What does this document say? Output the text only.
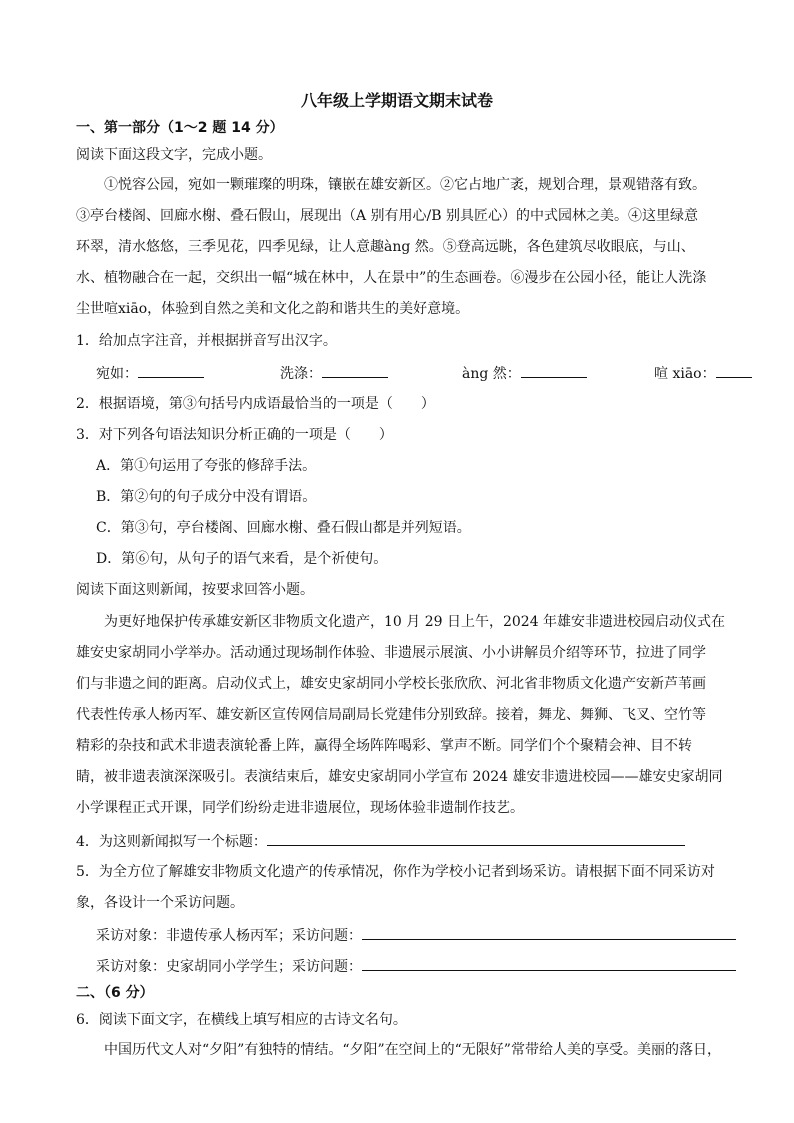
八年级上学期语文期末试卷
一、第一部分（1～2 题 14 分）
阅读下面这段文字，完成小题。
①悦容公园，宛如一颗璀璨的明珠，镶嵌在雄安新区。②它占地广袤，规划合理，景观错落有致。
③亭台楼阁、回廊水榭、叠石假山，展现出（A 别有用心/B 别具匠心）的中式园林之美。④这里绿意
环翠，清水悠悠，三季见花，四季见绿，让人意趣àng 然。⑤登高远眺，各色建筑尽收眼底，与山、
水、植物融合在一起，交织出一幅“城在林中，人在景中”的生态画卷。⑥漫步在公园小径，能让人洗涤
尘世喧xiāo，体验到自然之美和文化之韵和谐共生的美好意境。
1．给加点字注音，并根据拼音写出汉字。
宛如：	洗涤：	àng 然：	喧 xiāo：
2．根据语境，第③句括号内成语最恰当的一项是（　　）
3．对下列各句语法知识分析正确的一项是（　　）
A．第①句运用了夸张的修辞手法。
B．第②句的句子成分中没有谓语。
C．第③句，亭台楼阁、回廊水榭、叠石假山都是并列短语。
D．第⑥句，从句子的语气来看，是个祈使句。
阅读下面这则新闻，按要求回答小题。
为更好地保护传承雄安新区非物质文化遗产，10 月 29 日上午，2024 年雄安非遗进校园启动仪式在
雄安史家胡同小学举办。活动通过现场制作体验、非遗展示展演、小小讲解员介绍等环节，拉进了同学
们与非遗之间的距离。启动仪式上，雄安史家胡同小学校长张欣欣、河北省非物质文化遗产安新芦苇画
代表性传承人杨丙军、雄安新区宣传网信局副局长党建伟分别致辞。接着，舞龙、舞狮、飞叉、空竹等
精彩的杂技和武术非遗表演轮番上阵，赢得全场阵阵喝彩、掌声不断。同学们个个聚精会神、目不转
睛，被非遗表演深深吸引。表演结束后，雄安史家胡同小学宣布 2024 雄安非遗进校园——雄安史家胡同
小学课程正式开课，同学们纷纷走进非遗展位，现场体验非遗制作技艺。
4．为这则新闻拟写一个标题：
5．为全方位了解雄安非物质文化遗产的传承情况，你作为学校小记者到场采访。请根据下面不同采访对
象，各设计一个采访问题。
采访对象：非遗传承人杨丙军；采访问题：
采访对象：史家胡同小学学生；采访问题：
二、（6 分）
6．阅读下面文字，在横线上填写相应的古诗文名句。
中国历代文人对“夕阳”有独特的情结。“夕阳”在空间上的“无限好”常带给人美的享受。美丽的落日，
